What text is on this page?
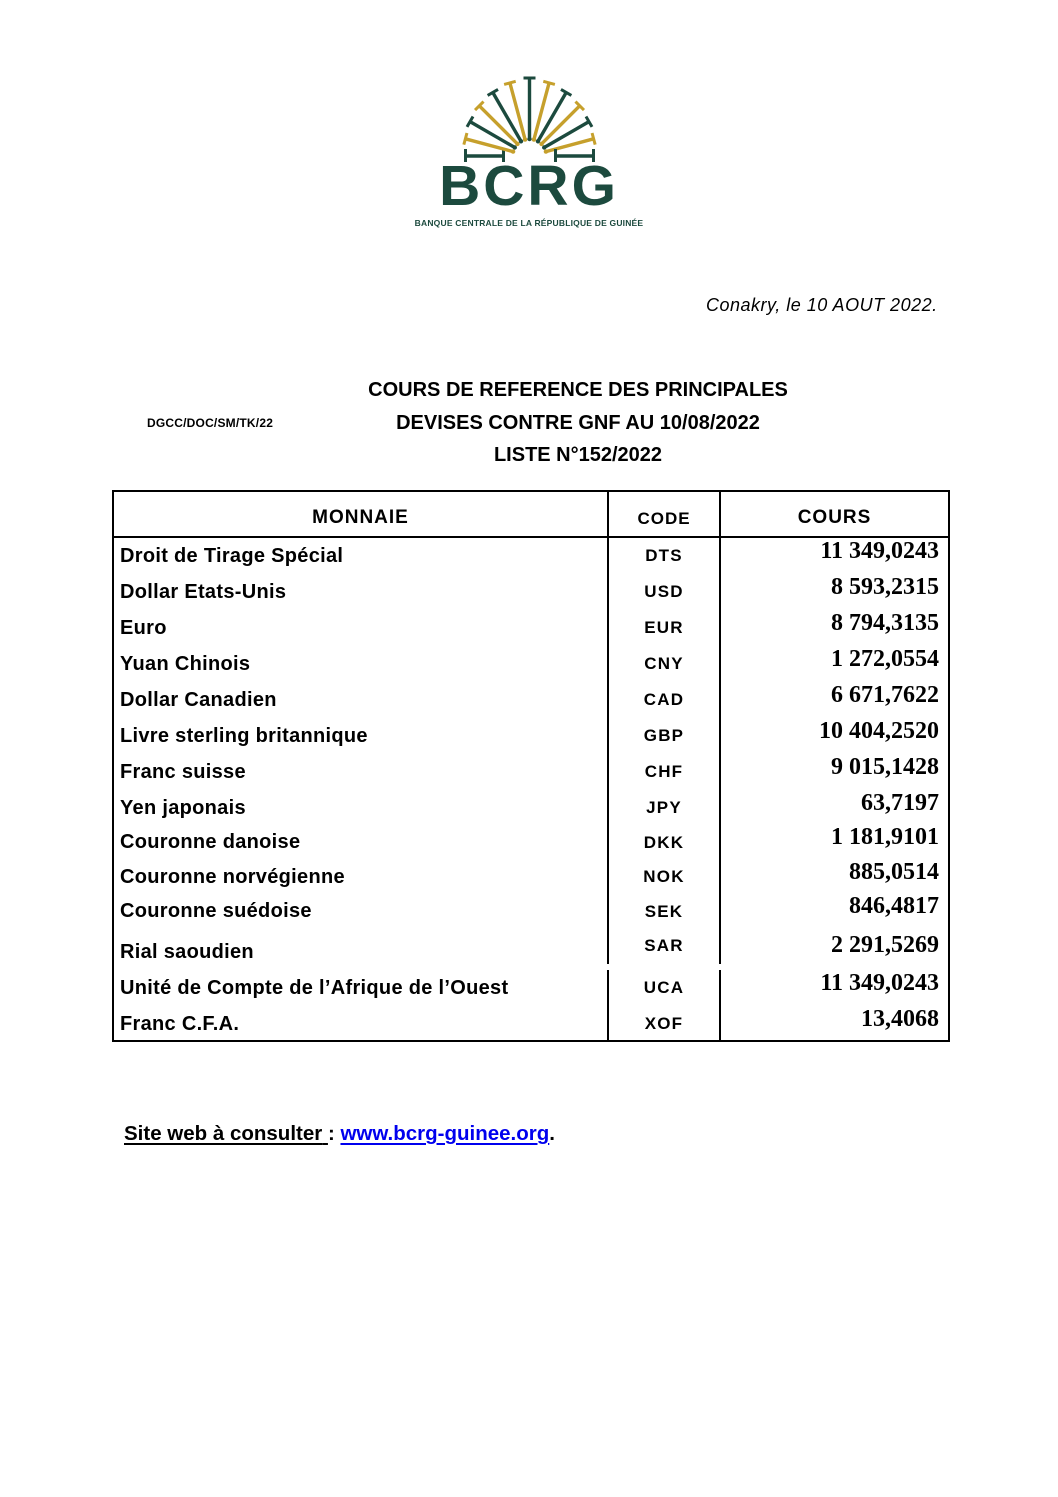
BCRG
BANQUE CENTRALE DE LA RÉPUBLIQUE DE GUINÉE
Conakry, le 10 AOUT 2022.
DGCC/DOC/SM/TK/22
COURS DE REFERENCE DES PRINCIPALES
DEVISES CONTRE GNF AU 10/08/2022
LISTE N°152/2022
MONNAIE	CODE	COURS
Droit de Tirage Spécial	DTS	11 349,0243
Dollar Etats-Unis	USD	8 593,2315
Euro	EUR	8 794,3135
Yuan Chinois	CNY	1 272,0554
Dollar Canadien	CAD	6 671,7622
Livre sterling britannique	GBP	10 404,2520
Franc suisse	CHF	9 015,1428
Yen japonais	JPY	63,7197
Couronne danoise	DKK	1 181,9101
Couronne norvégienne	NOK	885,0514
Couronne suédoise	SEK	846,4817
Rial saoudien	SAR	2 291,5269
Unité de Compte de l’Afrique de l’Ouest	UCA	11 349,0243
Franc C.F.A.	XOF	13,4068
Site web à consulter : www.bcrg-guinee.org.
